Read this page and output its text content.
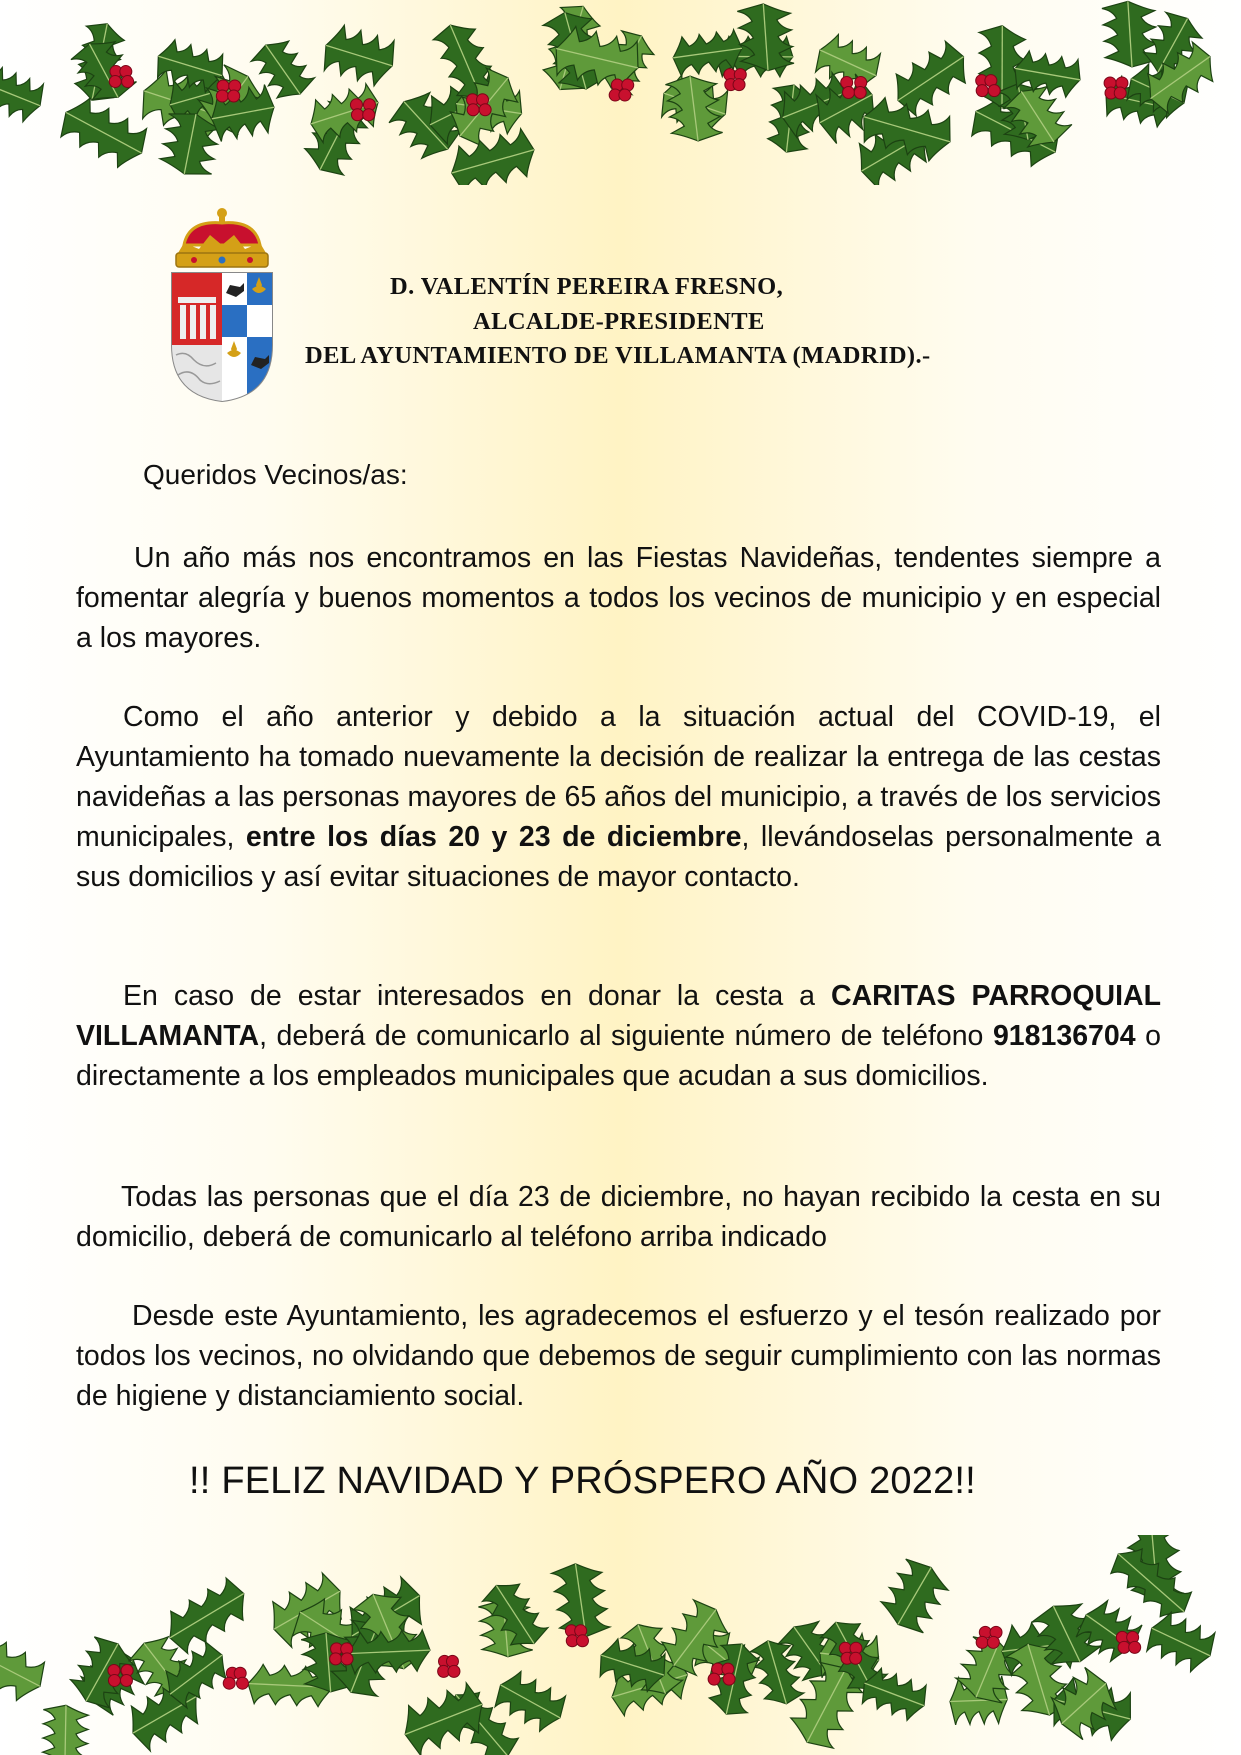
D. VALENTÍN PEREIRA FRESNO,
ALCALDE-PRESIDENTE
DEL AYUNTAMIENTO DE VILLAMANTA (MADRID).-
Queridos Vecinos/as:
Un año más nos encontramos en las Fiestas Navideñas, tendentes siempre a fomentar alegría y buenos momentos a todos los vecinos de municipio y en especial a los mayores.
Como el año anterior y debido a la situación actual del COVID-19, el Ayuntamiento ha tomado nuevamente la decisión de realizar la entrega de las cestas navideñas a las personas mayores de 65 años del municipio, a través de los servicios municipales, entre los días 20 y 23 de diciembre, llevándoselas personalmente a sus domicilios y así evitar situaciones de mayor contacto.
En caso de estar interesados en donar la cesta a CARITAS PARROQUIAL VILLAMANTA, deberá de comunicarlo al siguiente número de teléfono 918136704 o directamente a los empleados municipales que acudan a sus domicilios.
Todas las personas que el día 23 de diciembre, no hayan recibido la cesta en su domicilio, deberá de comunicarlo al teléfono arriba indicado
Desde este Ayuntamiento, les agradecemos el esfuerzo y el tesón realizado por todos los vecinos, no olvidando que debemos de seguir cumplimiento con las normas de higiene y distanciamiento social.
!! FELIZ NAVIDAD Y PRÓSPERO AÑO 2022!!
